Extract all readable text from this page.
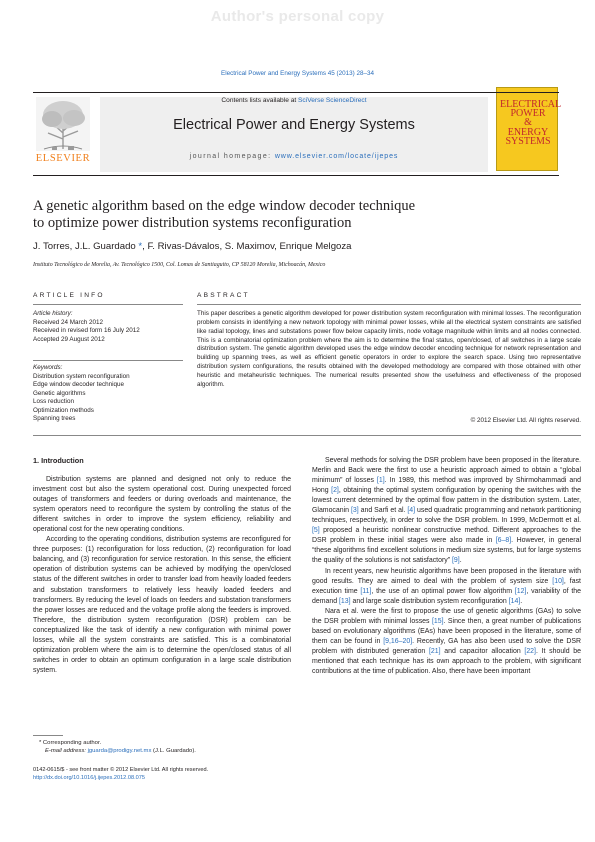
Author's personal copy
Electrical Power and Energy Systems 45 (2013) 28–34
Contents lists available at SciVerse ScienceDirect
Electrical Power and Energy Systems
journal homepage: www.elsevier.com/locate/ijepes
ELSEVIER
ELECTRICAL
POWER
&
ENERGY
SYSTEMS
A genetic algorithm based on the edge window decoder technique
to optimize power distribution systems reconfiguration
J. Torres, J.L. Guardado *, F. Rivas-Dávalos, S. Maximov, Enrique Melgoza
Instituto Tecnológico de Morelia, Av. Tecnológico 1500, Col. Lomas de Santiaguito, CP 58120 Morelia, Michoacán, Mexico
ARTICLE INFO
Article history:
Received 24 March 2012
Received in revised form 16 July 2012
Accepted 29 August 2012
Keywords:
Distribution system reconfiguration
Edge window decoder technique
Genetic algorithms
Loss reduction
Optimization methods
Spanning trees
ABSTRACT
This paper describes a genetic algorithm developed for power distribution system reconfiguration with minimal losses. The reconfiguration problem consists in identifying a new network topology with minimal power losses, while all the electrical system constraints are satisfied like radial topology, lines and substations power flow below capacity limits, node voltage magnitude within limits and all nodes connected. This is a combinatorial optimization problem where the aim is to determine the final status, open/closed, of all switches in a large scale distribution system. The genetic algorithm developed uses the edge window decoder encoding technique for network representation and building up spanning trees, as well as efficient genetic operators in order to explore the search space. Using two representative distribution system configurations, the results obtained with the developed methodology are compared with those obtained with other heuristic and metaheuristic techniques. The numerical results presented show the usefulness and effectiveness of the proposed algorithm.
© 2012 Elsevier Ltd. All rights reserved.
1. Introduction

Distribution systems are planned and designed not only to reduce the investment cost but also the system operational cost. During unexpected forced outages of transformers and feeders or during overloads and maintenance, the system operators need to reconfigure the system by controlling the status of the different switches in order to improve the system efficiency, reliability and operational cost for the new operating conditions.

According to the operating conditions, distribution systems are reconfigured for three purposes: (1) reconfiguration for loss reduction, (2) reconfiguration for load balancing, and (3) reconfiguration for service restoration. In this sense, the efficient operation of distribution systems can be achieved by modifying the open/closed status of the different switches in order to transfer load from heavily loaded feeders and substation transformers to relatively less heavily loaded feeders and transformers. By reducing the level of loads on feeders and substation transformers the power losses are reduced and the voltage profile along the feeders is improved. Therefore, the distribution system reconfiguration (DSR) problem can be conceptualized like the task of identify a new configuration with minimal power losses, while all the system constraints are satisfied. This is a combinatorial optimization problem where the aim is to determine the open/closed status of all switches in order to obtain an optimum configuration in a large scale distribution system.

Several methods for solving the DSR problem have been proposed in the literature. Merlin and Back were the first to use a heuristic approach aimed to obtain a “global minimum” of losses [1]. In 1989, this method was improved by Shirmohammadi and Hong [2], obtaining the optimal system configuration by opening the switches with the lowest current determined by the optimal flow pattern in the distribution system. Later, Glamocanin [3] and Sarfi et al. [4] used quadratic programming and network partitioning techniques, respectively, in order to solve the DSR problem. In 1999, McDermott et al. [5] proposed a heuristic nonlinear constructive method. Different approaches to the DSR problem in these initial stages were also made in [6–8]. However, in general “these algorithms find excellent solutions in medium size systems, but for large systems the quality of the solutions is not satisfactory” [9].

In recent years, new heuristic algorithms have been proposed in the literature with good results. They are aimed to deal with the problem of system size [10], fast execution time [11], the use of an optimal power flow algorithm [12], variability of the demand [13] and large scale distribution system reconfiguration [14].

Nara et al. were the first to propose the use of genetic algorithms (GAs) to solve the DSR problem with minimal losses [15]. Since then, a great number of publications based on evolutionary algorithms (EAs) have been proposed in the literature, some of them can be found in [9,16–20]. Recently, GA has also been used to solve the DSR problem with distributed generation [21] and capacitor allocation [22]. It should be mentioned that each technique has its own approach to the problem, with significant contributions at the time of publication. Also, there have been important

* Corresponding author.
E-mail address: jguarda@prodigy.net.mx (J.L. Guardado).
0142-0615/$ - see front matter © 2012 Elsevier Ltd. All rights reserved.
http://dx.doi.org/10.1016/j.ijepes.2012.08.075
